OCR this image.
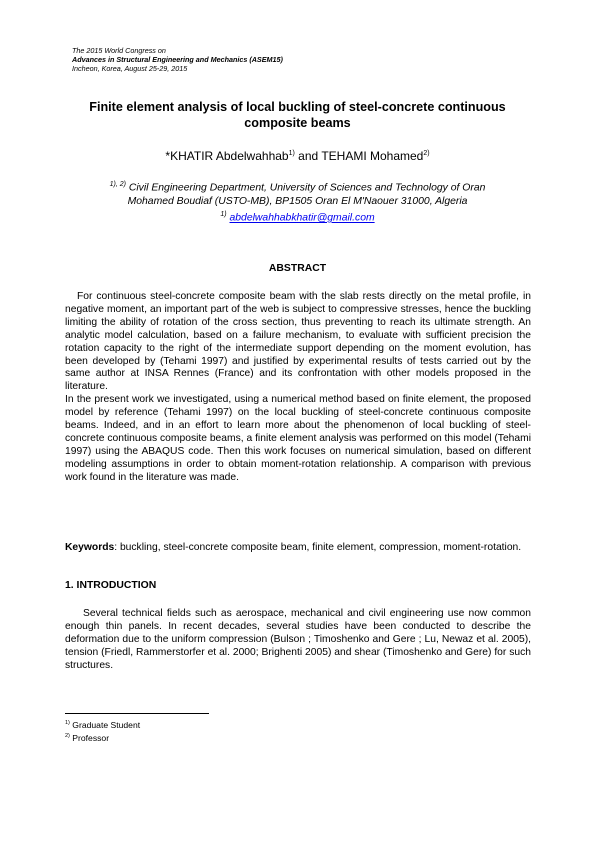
The 2015 World Congress on
Advances in Structural Engineering and Mechanics (ASEM15)
Incheon, Korea, August 25-29, 2015
Finite element analysis of local buckling of steel-concrete continuous
composite beams
*KHATIR Abdelwahhab$^{1)}$ and TEHAMI Mohamed$^{2)}$
$^{1), 2)}$ Civil Engineering Department, University of Sciences and Technology of Oran
Mohamed Boudiaf (USTO-MB), BP1505 Oran El M'Naouer 31000, Algeria
$^{1)}$ abdelwahhabkhatir@gmail.com
ABSTRACT

For continuous steel-concrete composite beam with the slab rests directly on the metal profile, in negative moment, an important part of the web is subject to compressive stresses, hence the buckling limiting the ability of rotation of the cross section, thus preventing to reach its ultimate strength. An analytic model calculation, based on a failure mechanism, to evaluate with sufficient precision the rotation capacity to the right of the intermediate support depending on the moment evolution, has been developed by (Tehami 1997) and justified by experimental results of tests carried out by the same author at INSA Rennes (France) and its confrontation with other models proposed in the literature.

In the present work we investigated, using a numerical method based on finite element, the proposed model by reference (Tehami 1997) on the local buckling of steel-concrete continuous composite beams. Indeed, and in an effort to learn more about the phenomenon of local buckling of steel-concrete continuous composite beams, a finite element analysis was performed on this model (Tehami 1997) using the ABAQUS code. Then this work focuses on numerical simulation, based on different modeling assumptions in order to obtain moment-rotation relationship. A comparison with previous work found in the literature was made.

Keywords: buckling, steel-concrete composite beam, finite element, compression, moment-rotation.
1. INTRODUCTION

Several technical fields such as aerospace, mechanical and civil engineering use now common enough thin panels. In recent decades, several studies have been conducted to describe the deformation due to the uniform compression (Bulson ; Timoshenko and Gere ; Lu, Newaz et al. 2005), tension (Friedl, Rammerstorfer et al. 2000; Brighenti 2005) and shear (Timoshenko and Gere) for such structures.

$^{1)}$ Graduate Student
$^{2)}$ Professor
